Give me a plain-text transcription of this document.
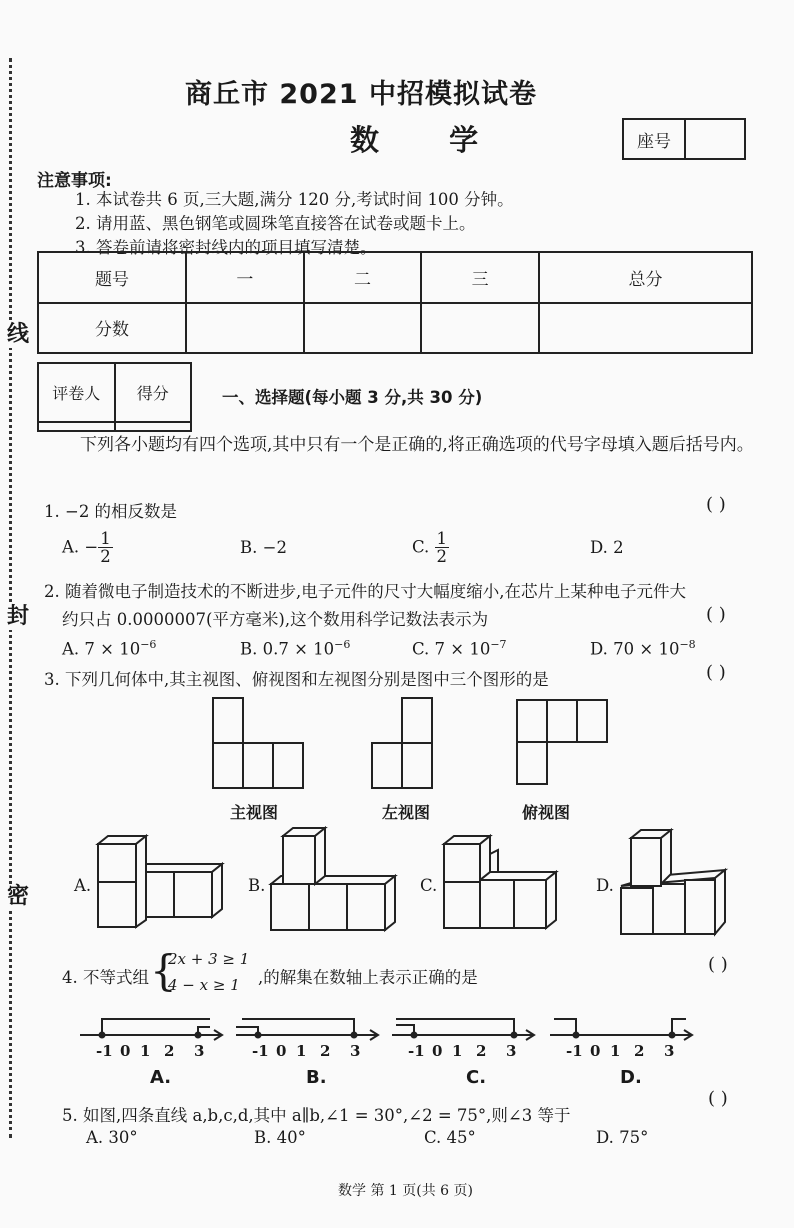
线
封
密
商丘市 2021 中招模拟试卷
数 学	座号
注意事项:
1. 本试卷共 6 页,三大题,满分 120 分,考试时间 100 分钟。
2. 请用蓝、黑色钢笔或圆珠笔直接答在试卷或题卡上。
3. 答卷前请将密封线内的项目填写清楚。
题号	一	二	三	总分
分数				
评卷人	得分
		一、选择题(每小题 3 分,共 30 分)
下列各小题均有四个选项,其中只有一个是正确的,将正确选项的代号字母填入题后括号内。
1. −2 的相反数是	( )
A. − $\frac{1}{2}$	B. −2	C. $\frac{1}{2}$	D. 2
2. 随着微电子制造技术的不断进步,电子元件的尺寸大幅度缩小,在芯片上某种电子元件大
约只占 0.0000007(平方毫米),这个数用科学记数法表示为	( )
A. $7 \times 10^{-6}$	B. $0.7 \times 10^{-6}$	C. $7 \times 10^{-7}$	D. $70 \times 10^{-8}$
3. 下列几何体中,其主视图、俯视图和左视图分别是图中三个图形的是	( )
主视图	左视图	俯视图
A.	B.	C.	D.
4. 不等式组 {
2x + 3 ≥ 1
4 − x ≥ 1 ,的解集在数轴上表示正确的是
( )
-1 0 1 2 3	-1 0 1 2 3	-1 0 1 2 3	-1 0 1 2 3
A.	B.	C.	D.
5. 如图,四条直线 a,b,c,d,其中 a∥b,∠1 = 30°,∠2 = 75°,则∠3 等于
( )
A. 30°	B. 40°	C. 45°	D. 75°
数学 第 1 页(共 6 页)
